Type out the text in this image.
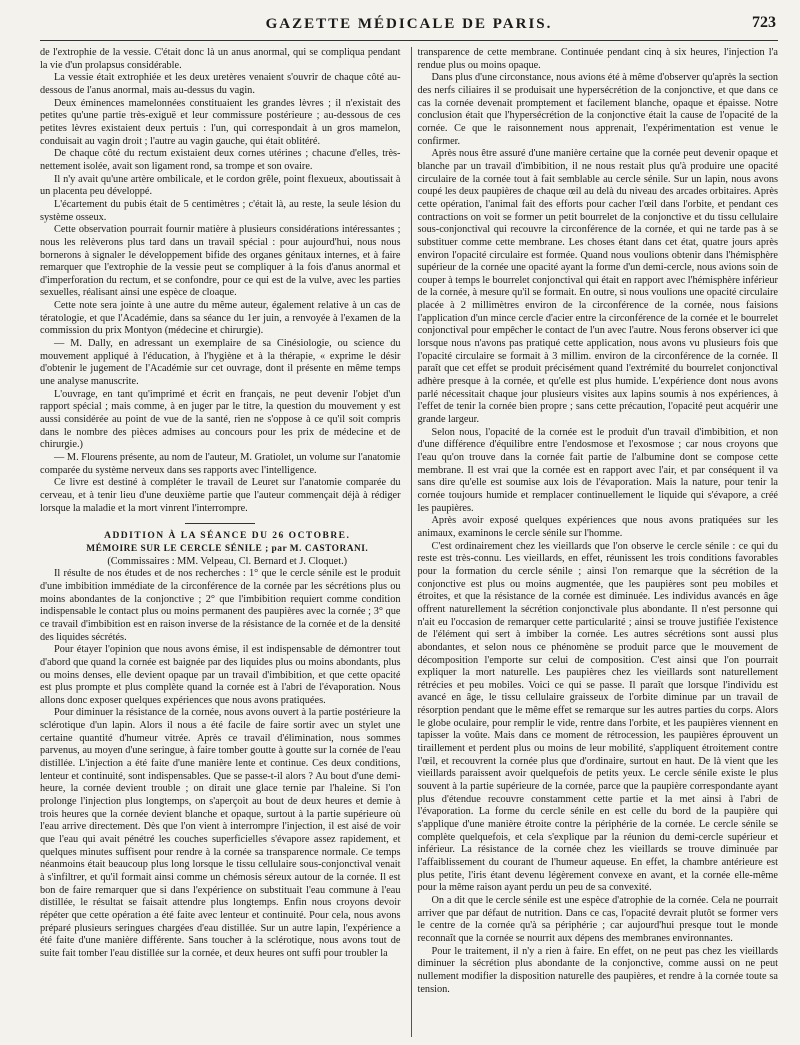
GAZETTE MÉDICALE DE PARIS.	723

de l'extrophie de la vessie. C'était donc là un anus anormal, qui se compliqua pendant la vie d'un prolapsus considérable.

La vessie était extrophiée et les deux uretères venaient s'ouvrir de chaque côté au-dessous de l'anus anormal, mais au-dessus du vagin.

Deux éminences mamelonnées constituaient les grandes lèvres ; il n'existait des petites qu'une partie très-exiguë et leur commissure postérieure ; au-dessous de ces petites lèvres existaient deux pertuis : l'un, qui correspondait à un gros mamelon, conduisait au vagin droit ; l'autre au vagin gauche, qui était oblitéré.

De chaque côté du rectum existaient deux cornes utérines ; chacune d'elles, très-nettement isolée, avait son ligament rond, sa trompe et son ovaire.

Il n'y avait qu'une artère ombilicale, et le cordon grêle, point flexueux, aboutissait à un placenta peu développé.

L'écartement du pubis était de 5 centimètres ; c'était là, au reste, la seule lésion du système osseux.

Cette observation pourrait fournir matière à plusieurs considérations intéressantes ; nous les relèverons plus tard dans un travail spécial : pour aujourd'hui, nous nous bornerons à signaler le développement bifide des organes génitaux internes, et à faire remarquer que l'extrophie de la vessie peut se compliquer à la fois d'anus anormal et d'imperforation du rectum, et se confondre, pour ce qui est de la vulve, avec les parties sexuelles, réalisant ainsi une espèce de cloaque.

Cette note sera jointe à une autre du même auteur, également relative à un cas de tératologie, et que l'Académie, dans sa séance du 1er juin, a renvoyée à l'examen de la commission du prix Montyon (médecine et chirurgie).

— M. Dally, en adressant un exemplaire de sa Cinésiologie, ou science du mouvement appliqué à l'éducation, à l'hygiène et à la thérapie, « exprime le désir d'obtenir le jugement de l'Académie sur cet ouvrage, dont il présente en même temps une analyse manuscrite.

L'ouvrage, en tant qu'imprimé et écrit en français, ne peut devenir l'objet d'un rapport spécial ; mais comme, à en juger par le titre, la question du mouvement y est aussi considérée au point de vue de la santé, rien ne s'oppose à ce qu'il soit compris dans le nombre des pièces admises au concours pour les prix de médecine et de chirurgie.)

— M. Flourens présente, au nom de l'auteur, M. Gratiolet, un volume sur l'anatomie comparée du système nerveux dans ses rapports avec l'intelligence.

Ce livre est destiné à compléter le travail de Leuret sur l'anatomie comparée du cerveau, et à tenir lieu d'une deuxième partie que l'auteur commençait déjà à rédiger lorsque la maladie et la mort vinrent l'interrompre.

ADDITION À LA SÉANCE DU 26 OCTOBRE.

MÉMOIRE SUR LE CERCLE SÉNILE ; par M. CASTORANI.

(Commissaires : MM. Velpeau, Cl. Bernard et J. Cloquet.)

Il résulte de nos études et de nos recherches : 1° que le cercle sénile est le produit d'une imbibition immédiate de la circonférence de la cornée par les sécrétions plus ou moins abondantes de la conjonctive ; 2° que l'imbibition requiert comme condition indispensable le contact plus ou moins permanent des paupières avec la cornée ; 3° que ce travail d'imbibition est en raison inverse de la résistance de la cornée et de la densité des liquides sécrétés.

Pour étayer l'opinion que nous avons émise, il est indispensable de démontrer tout d'abord que quand la cornée est baignée par des liquides plus ou moins abondants, plus ou moins denses, elle devient opaque par un travail d'imbibition, et que cette opacité est plus prompte et plus complète quand la cornée est à l'abri de l'évaporation. Nous allons donc exposer quelques expériences que nous avons pratiquées.

Pour diminuer la résistance de la cornée, nous avons ouvert à la partie postérieure la sclérotique d'un lapin. Alors il nous a été facile de faire sortir avec un stylet une certaine quantité d'humeur vitrée. Après ce travail d'élimination, nous sommes parvenus, au moyen d'une seringue, à faire tomber goutte à goutte sur la cornée de l'eau distillée. L'injection a été faite d'une manière lente et continue. Ces deux conditions, lenteur et continuité, sont indispensables. Que se passe-t-il alors ? Au bout d'une demi-heure, la cornée devient trouble ; on dirait une glace ternie par l'haleine. Si l'on prolonge l'injection plus longtemps, on s'aperçoit au bout de deux heures et demie à trois heures que la cornée devient blanche et opaque, surtout à la partie supérieure où l'eau arrive directement. Dès que l'on vient à interrompre l'injection, il est aisé de voir que l'eau qui avait pénétré les couches superficielles s'évapore assez rapidement, et quelques minutes suffisent pour rendre à la cornée sa transparence normale. Ce temps néanmoins était beaucoup plus long lorsque le tissu cellulaire sous-conjonctival venait à s'infiltrer, et qu'il formait ainsi comme un chémosis séreux autour de la cornée. Il est bon de faire remarquer que si dans l'expérience on substituait l'eau commune à l'eau distillée, le résultat se faisait attendre plus longtemps. Enfin nous croyons devoir répéter que cette opération a été faite avec lenteur et continuité. Pour cela, nous avons préparé plusieurs seringues chargées d'eau distillée. Sur un autre lapin, l'expérience a été faite d'une manière différente. Sans toucher à la sclérotique, nous avons tout de suite fait tomber l'eau distillée sur la cornée, et deux heures ont suffi pour troubler la

transparence de cette membrane. Continuée pendant cinq à six heures, l'injection l'a rendue plus ou moins opaque.

Dans plus d'une circonstance, nous avions été à même d'observer qu'après la section des nerfs ciliaires il se produisait une hypersécrétion de la conjonctive, et que dans ce cas la cornée devenait promptement et facilement blanche, opaque et épaisse. Notre conclusion était que l'hypersécrétion de la conjonctive était la cause de l'opacité de la cornée. Ce que le raisonnement nous apprenait, l'expérimentation est venue le confirmer.

Après nous être assuré d'une manière certaine que la cornée peut devenir opaque et blanche par un travail d'imbibition, il ne nous restait plus qu'à produire une opacité circulaire de la cornée tout à fait semblable au cercle sénile. Sur un lapin, nous avons coupé les deux paupières de chaque œil au delà du niveau des arcades orbitaires. Après cette opération, l'animal fait des efforts pour cacher l'œil dans l'orbite, et pendant ces contractions on voit se former un petit bourrelet de la conjonctive et du tissu cellulaire sous-conjonctival qui recouvre la circonférence de la cornée, et qui ne tarde pas à se substituer comme cette membrane. Les choses étant dans cet état, quatre jours après environ l'opacité circulaire est formée. Quand nous voulions obtenir dans l'hémisphère supérieur de la cornée une opacité ayant la forme d'un demi-cercle, nous avions soin de couper à temps le bourrelet conjonctival qui était en rapport avec l'hémisphère inférieur de la cornée, à mesure qu'il se formait. En outre, si nous voulions une opacité circulaire placée à 2 millimètres environ de la circonférence de la cornée, nous faisions l'application d'un mince cercle d'acier entre la circonférence de la cornée et le bourrelet conjonctival pour empêcher le contact de l'un avec l'autre. Nous ferons observer ici que lorsque nous n'avons pas pratiqué cette application, nous avons vu plusieurs fois que l'opacité circulaire se formait à 3 millim. environ de la circonférence de la cornée. Il paraît que cet effet se produit précisément quand l'extrémité du bourrelet conjonctival adhère presque à la cornée, et qu'elle est plus humide. L'expérience dont nous avons parlé nécessitait chaque jour plusieurs visites aux lapins soumis à nos expériences, à l'effet de tenir la cornée bien propre ; sans cette précaution, l'opacité peut acquérir une grande largeur.

Selon nous, l'opacité de la cornée est le produit d'un travail d'imbibition, et non d'une différence d'équilibre entre l'endosmose et l'exosmose ; car nous croyons que l'eau qu'on trouve dans la cornée fait partie de l'albumine dont se compose cette membrane. Il est vrai que la cornée est en rapport avec l'air, et par conséquent il va sans dire qu'elle est soumise aux lois de l'évaporation. Mais la nature, pour tenir la cornée toujours humide et remplacer continuellement le liquide qui s'évapore, a créé les paupières.

Après avoir exposé quelques expériences que nous avons pratiquées sur les animaux, examinons le cercle sénile sur l'homme.

C'est ordinairement chez les vieillards que l'on observe le cercle sénile : ce qui du reste est très-connu. Les vieillards, en effet, réunissent les trois conditions favorables pour la formation du cercle sénile ; ainsi l'on remarque que la sécrétion de la conjonctive est plus ou moins augmentée, que les paupières sont peu mobiles et étroites, et que la résistance de la cornée est diminuée. Les individus avancés en âge offrent naturellement la sécrétion conjonctivale plus abondante. Il n'est personne qui n'ait eu l'occasion de remarquer cette particularité ; ainsi se trouve justifiée l'existence de l'élément qui sert à imbiber la cornée. Les autres sécrétions sont aussi plus abondantes, et selon nous ce phénomène se produit parce que le mouvement de décomposition l'emporte sur celui de composition. C'est ainsi que l'on pourrait expliquer la mort naturelle. Les paupières chez les vieillards sont naturellement rétrécies et peu mobiles. Voici ce qui se passe. Il paraît que lorsque l'individu est avancé en âge, le tissu cellulaire graisseux de l'orbite diminue par un travail de résorption pendant que le même effet se remarque sur les autres parties du corps. Alors le globe oculaire, pour remplir le vide, rentre dans l'orbite, et les paupières viennent en tapisser la voûte. Mais dans ce moment de rétrocession, les paupières éprouvent un tiraillement et perdent plus ou moins de leur mobilité, s'appliquent étroitement contre l'œil, et recouvrent la cornée plus que d'ordinaire, surtout en haut. De là vient que les vieillards paraissent avoir quelquefois de petits yeux. Le cercle sénile existe le plus souvent à la partie supérieure de la cornée, parce que la paupière correspondante ayant plus d'étendue recouvre constamment cette partie et la met ainsi à l'abri de l'évaporation. La forme du cercle sénile en est celle du bord de la paupière qui s'applique d'une manière étroite contre la périphérie de la cornée. Le cercle sénile se complète quelquefois, et cela s'explique par la réunion du demi-cercle supérieur et inférieur. La résistance de la cornée chez les vieillards se trouve diminuée par l'affaiblissement du courant de l'humeur aqueuse. En effet, la chambre antérieure est plus petite, l'iris étant devenu légèrement convexe en avant, et la cornée elle-même pour la même raison ayant perdu un peu de sa convexité.

On a dit que le cercle sénile est une espèce d'atrophie de la cornée. Cela ne pourrait arriver que par défaut de nutrition. Dans ce cas, l'opacité devrait plutôt se former vers le centre de la cornée qu'à sa périphérie ; car aujourd'hui presque tout le monde reconnaît que la cornée se nourrit aux dépens des membranes environnantes.

Pour le traitement, il n'y a rien à faire. En effet, on ne peut pas chez les vieillards diminuer la sécrétion plus abondante de la conjonctive, comme aussi on ne peut nullement modifier la disposition naturelle des paupières, et rendre à la cornée toute sa tension.
